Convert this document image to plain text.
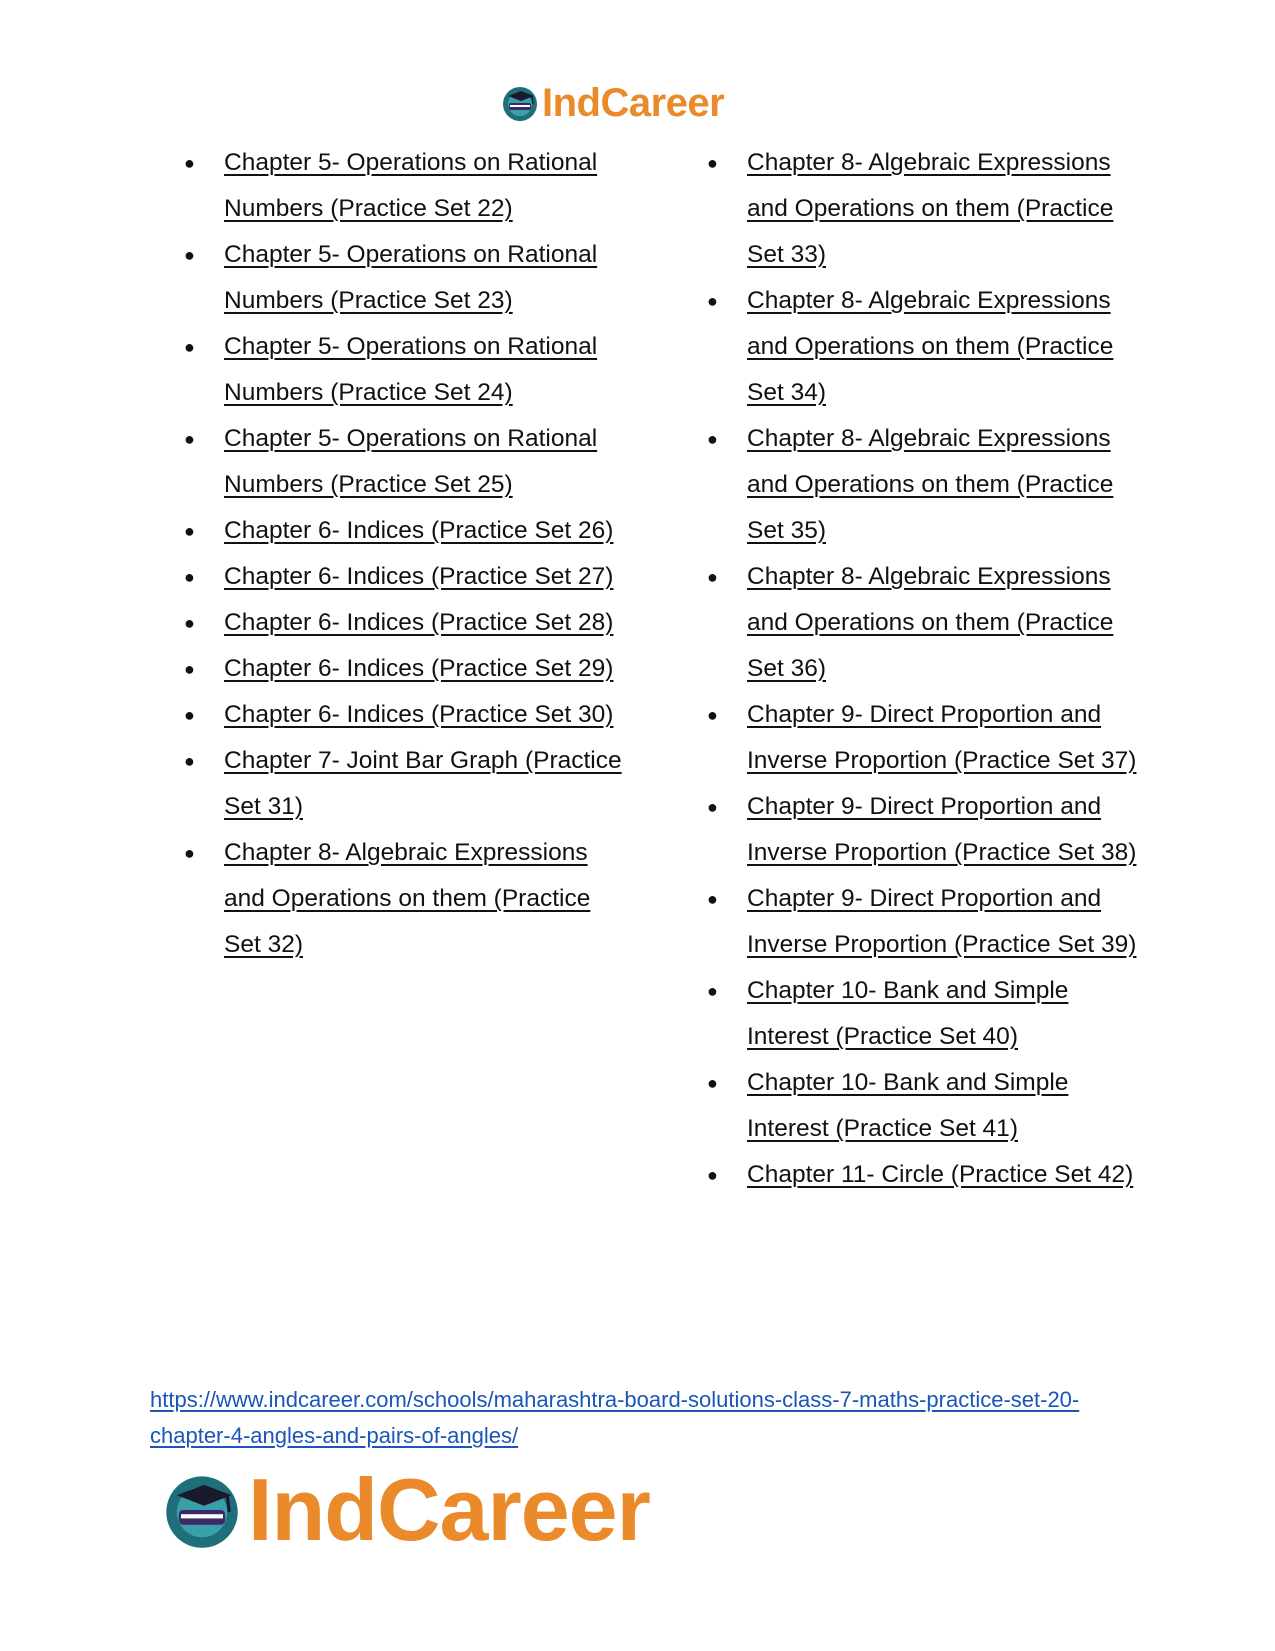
IndCareer
● Chapter 5- Operations on Rational Numbers (Practice Set 22)
● Chapter 5- Operations on Rational Numbers (Practice Set 23)
● Chapter 5- Operations on Rational Numbers (Practice Set 24)
● Chapter 5- Operations on Rational Numbers (Practice Set 25)
● Chapter 6- Indices (Practice Set 26)
● Chapter 6- Indices (Practice Set 27)
● Chapter 6- Indices (Practice Set 28)
● Chapter 6- Indices (Practice Set 29)
● Chapter 6- Indices (Practice Set 30)
● Chapter 7- Joint Bar Graph (Practice Set 31)
● Chapter 8- Algebraic Expressions and Operations on them (Practice Set 32)
● Chapter 8- Algebraic Expressions and Operations on them (Practice Set 33)
● Chapter 8- Algebraic Expressions and Operations on them (Practice Set 34)
● Chapter 8- Algebraic Expressions and Operations on them (Practice Set 35)
● Chapter 8- Algebraic Expressions and Operations on them (Practice Set 36)
● Chapter 9- Direct Proportion and Inverse Proportion (Practice Set 37)
● Chapter 9- Direct Proportion and Inverse Proportion (Practice Set 38)
● Chapter 9- Direct Proportion and Inverse Proportion (Practice Set 39)
● Chapter 10- Bank and Simple Interest (Practice Set 40)
● Chapter 10- Bank and Simple Interest (Practice Set 41)
● Chapter 11- Circle (Practice Set 42)
https://www.indcareer.com/schools/maharashtra-board-solutions-class-7-maths-practice-set-20-chapter-4-angles-and-pairs-of-angles/
IndCareer
